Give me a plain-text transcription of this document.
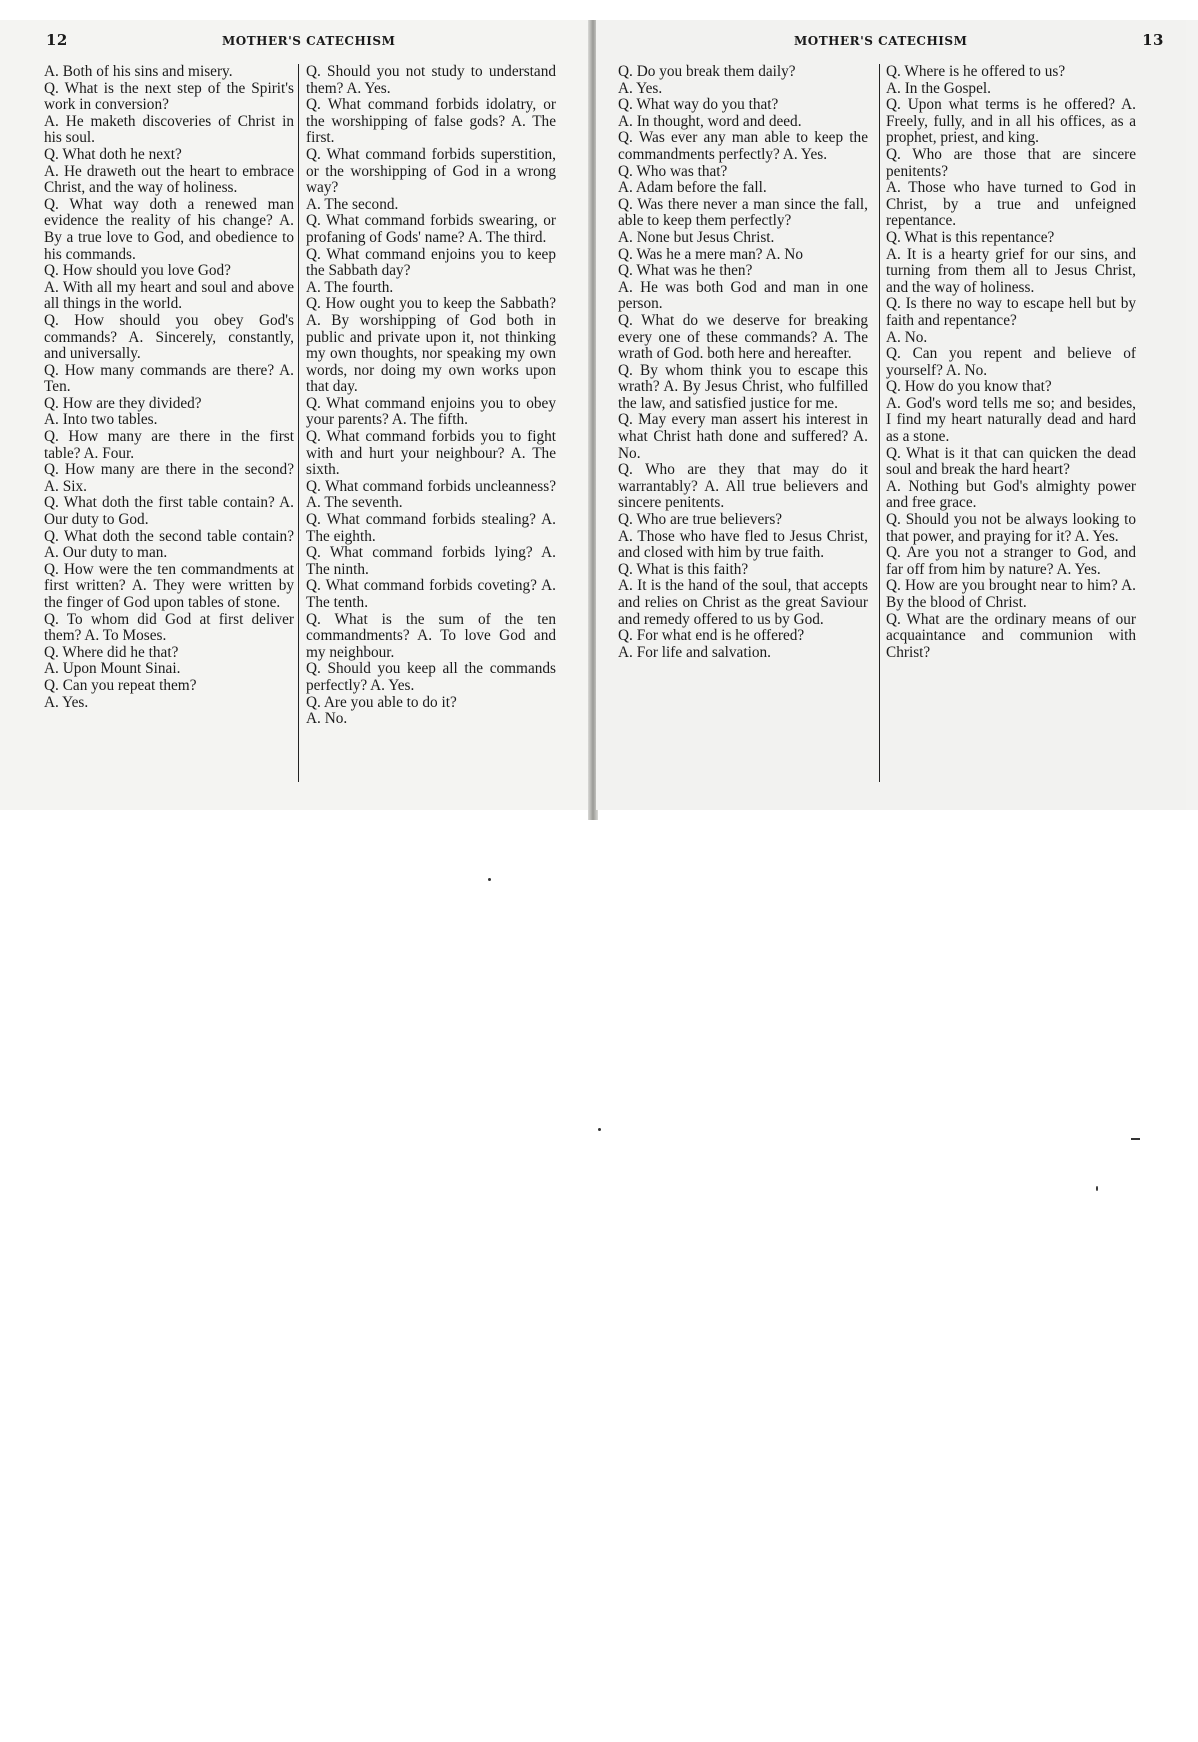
12	MOTHER'S CATECHISM

A. Both of his sins and misery.

Q. What is the next step of the Spirit's work in conversion?

A. He maketh discoveries of Christ in his soul.

Q. What doth he next?

A. He draweth out the heart to embrace Christ, and the way of holiness.

Q. What way doth a renewed man evidence the reality of his change? A. By a true love to God, and obedience to his commands.

Q. How should you love God?

A. With all my heart and soul and above all things in the world.

Q. How should you obey God's commands? A. Sincerely, constantly, and universally.

Q. How many commands are there? A. Ten.

Q. How are they divided?

A. Into two tables.

Q. How many are there in the first table? A. Four.

Q. How many are there in the second? A. Six.

Q. What doth the first table contain? A. Our duty to God.

Q. What doth the second table contain? A. Our duty to man.

Q. How were the ten commandments at first written? A. They were written by the finger of God upon tables of stone.

Q. To whom did God at first deliver them? A. To Moses.

Q. Where did he that?

A. Upon Mount Sinai.

Q. Can you repeat them?

A. Yes.

Q. Should you not study to understand them? A. Yes.

Q. What command forbids idolatry, or the worshipping of false gods? A. The first.

Q. What command forbids superstition, or the worshipping of God in a wrong way?

A. The second.

Q. What command forbids swearing, or profaning of Gods' name? A. The third.

Q. What command enjoins you to keep the Sabbath day?

A. The fourth.

Q. How ought you to keep the Sabbath? A. By worshipping of God both in public and private upon it, not thinking my own thoughts, nor speaking my own words, nor doing my own works upon that day.

Q. What command enjoins you to obey your parents? A. The fifth.

Q. What command forbids you to fight with and hurt your neighbour? A. The sixth.

Q. What command forbids uncleanness? A. The seventh.

Q. What command forbids stealing? A. The eighth.

Q. What command forbids lying? A. The ninth.

Q. What command forbids coveting? A. The tenth.

Q. What is the sum of the ten commandments? A. To love God and my neighbour.

Q. Should you keep all the commands perfectly? A. Yes.

Q. Are you able to do it?

A. No.

MOTHER'S CATECHISM	13

Q. Do you break them daily?

A. Yes.

Q. What way do you that?

A. In thought, word and deed.

Q. Was ever any man able to keep the commandments perfectly? A. Yes.

Q. Who was that?

A. Adam before the fall.

Q. Was there never a man since the fall, able to keep them perfectly?

A. None but Jesus Christ.

Q. Was he a mere man? A. No

Q. What was he then?

A. He was both God and man in one person.

Q. What do we deserve for breaking every one of these commands? A. The wrath of God. both here and hereafter.

Q. By whom think you to escape this wrath? A. By Jesus Christ, who fulfilled the law, and satisfied justice for me.

Q. May every man assert his interest in what Christ hath done and suffered? A. No.

Q. Who are they that may do it warrantably? A. All true believers and sincere penitents.

Q. Who are true believers?

A. Those who have fled to Jesus Christ, and closed with him by true faith.

Q. What is this faith?

A. It is the hand of the soul, that accepts and relies on Christ as the great Saviour and remedy offered to us by God.

Q. For what end is he offered?

A. For life and salvation.

Q. Where is he offered to us?

A. In the Gospel.

Q. Upon what terms is he offered? A. Freely, fully, and in all his offices, as a prophet, priest, and king.

Q. Who are those that are sincere penitents?

A. Those who have turned to God in Christ, by a true and unfeigned repentance.

Q. What is this repentance?

A. It is a hearty grief for our sins, and turning from them all to Jesus Christ, and the way of holiness.

Q. Is there no way to escape hell but by faith and repentance?

A. No.

Q. Can you repent and believe of yourself? A. No.

Q. How do you know that?

A. God's word tells me so; and besides, I find my heart naturally dead and hard as a stone.

Q. What is it that can quicken the dead soul and break the hard heart?

A. Nothing but God's almighty power and free grace.

Q. Should you not be always looking to that power, and praying for it? A. Yes.

Q. Are you not a stranger to God, and far off from him by nature? A. Yes.

Q. How are you brought near to him? A. By the blood of Christ.

Q. What are the ordinary means of our acquaintance and communion with Christ?
